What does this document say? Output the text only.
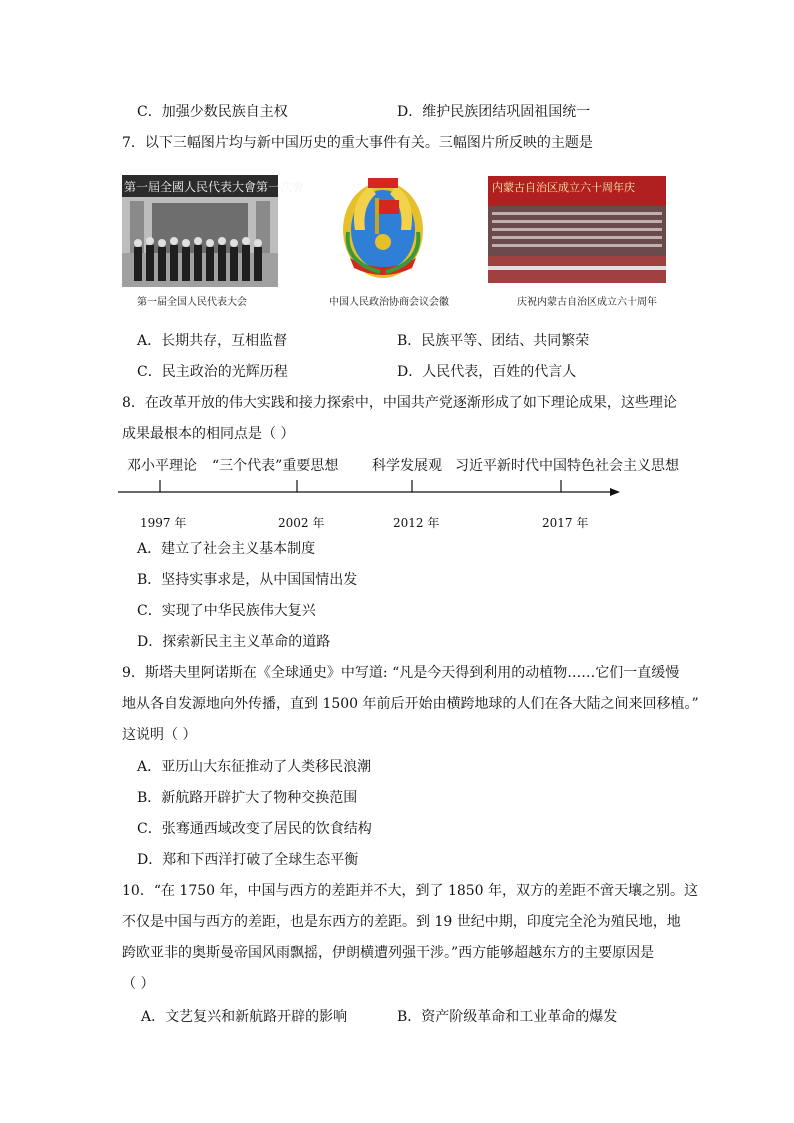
C．加强少数民族自主权	D．维护民族团结巩固祖国统一
7．以下三幅图片均与新中国历史的重大事件有关。三幅图片所反映的主题是
第一屆全國人民代表大會第一次會
第一届全国人民代表大会	中国人民政治协商会议会徽
内蒙古自治区成立六十周年庆
庆祝内蒙古自治区成立六十周年
A．长期共存，互相监督	B．民族平等、团结、共同繁荣
C．民主政治的光辉历程	D．人民代表，百姓的代言人
8．在改革开放的伟大实践和接力探索中，中国共产党逐渐形成了如下理论成果，这些理论
成果最根本的相同点是（ ）
邓小平理论 “三个代表”重要思想 科学发展观 习近平新时代中国特色社会主义思想
1997 年	2002 年	2012 年	2017 年
A．建立了社会主义基本制度
B．坚持实事求是，从中国国情出发
C．实现了中华民族伟大复兴
D．探索新民主主义革命的道路
9．斯塔夫里阿诺斯在《全球通史》中写道: “凡是今天得到利用的动植物……它们一直缓慢
地从各自发源地向外传播，直到 1500 年前后开始由横跨地球的人们在各大陆之间来回移植。”
这说明（ ）
A．亚历山大东征推动了人类移民浪潮
B．新航路开辟扩大了物种交换范围
C．张骞通西域改变了居民的饮食结构
D．郑和下西洋打破了全球生态平衡
10．“在 1750 年，中国与西方的差距并不大，到了 1850 年，双方的差距不啻天壤之别。这
不仅是中国与西方的差距，也是东西方的差距。到 19 世纪中期，印度完全沦为殖民地，地
跨欧亚非的奥斯曼帝国风雨飘摇，伊朗横遭列强干涉。”西方能够超越东方的主要原因是
（ ）
A．文艺复兴和新航路开辟的影响	B．资产阶级革命和工业革命的爆发
